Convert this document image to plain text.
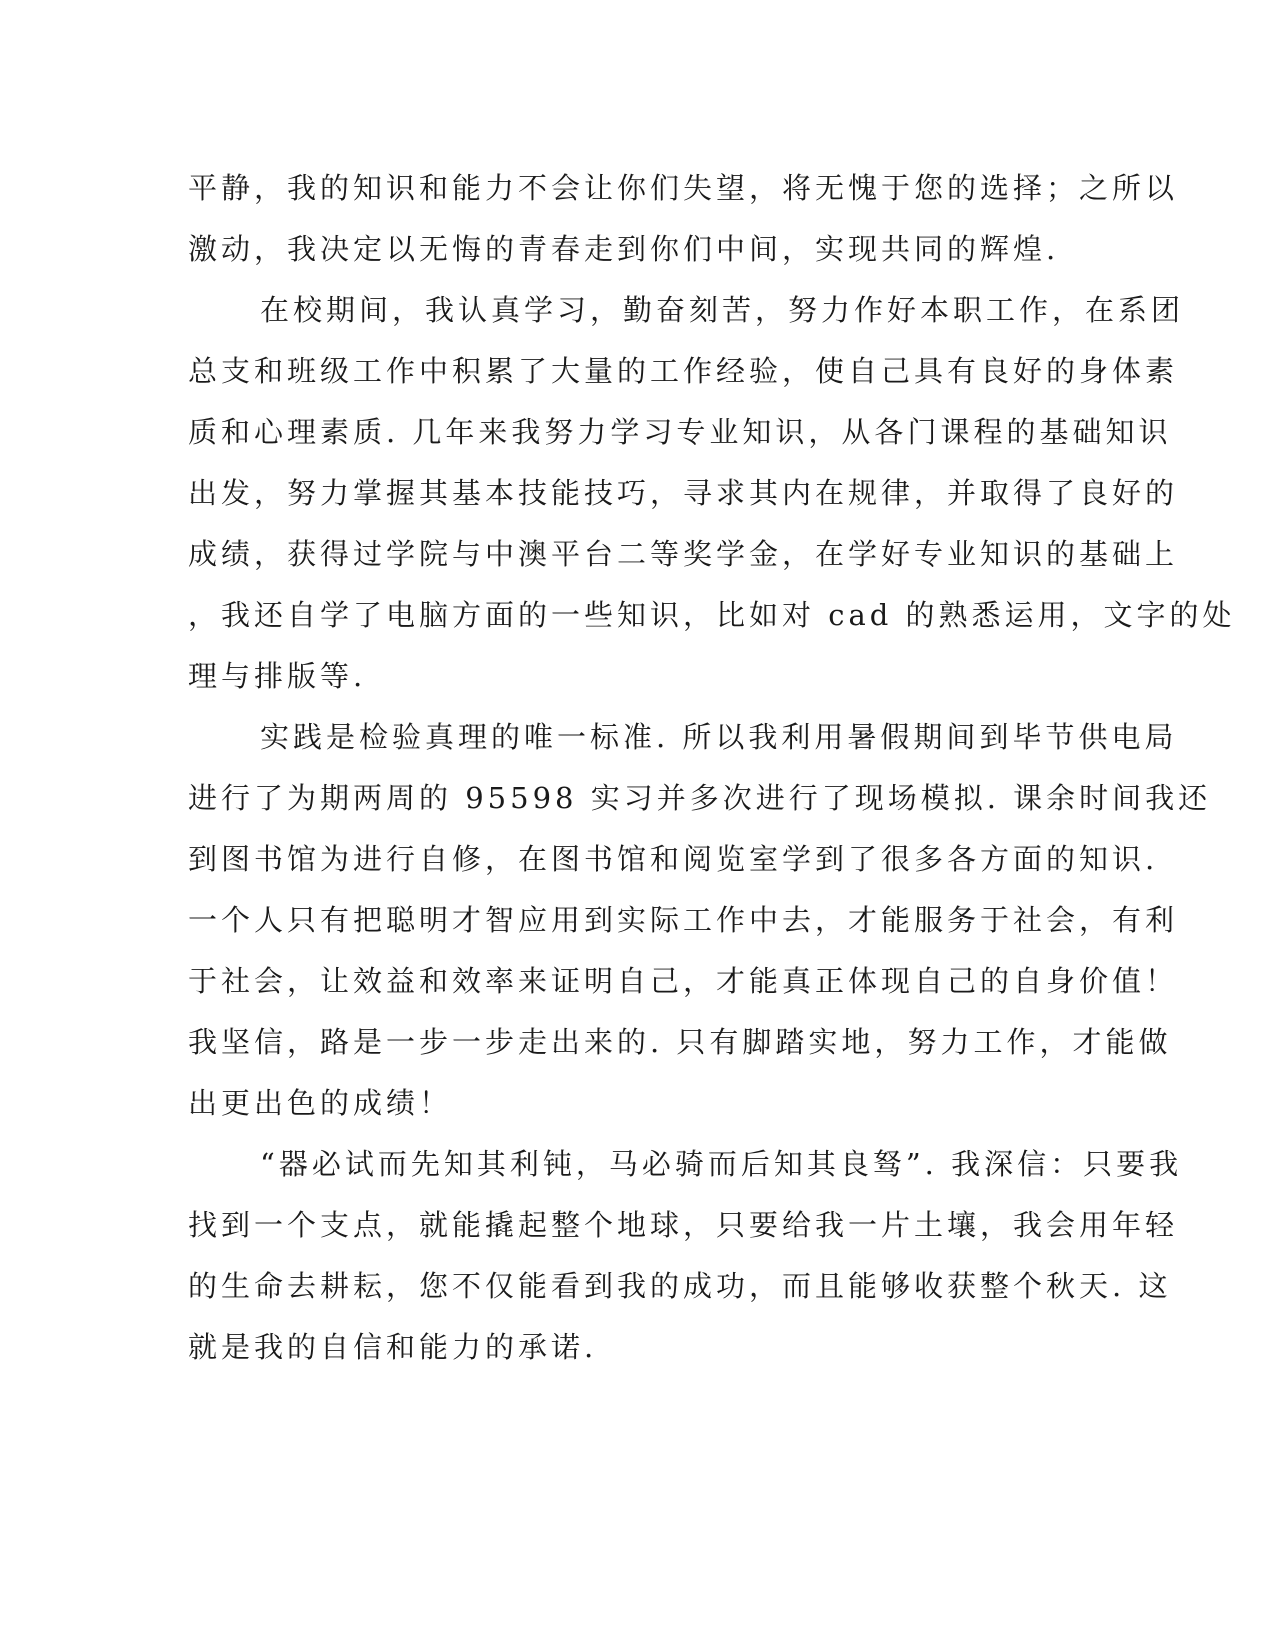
平静，我的知识和能力不会让你们失望，将无愧于您的选择；之所以
激动，我决定以无悔的青春走到你们中间，实现共同的辉煌.
在校期间，我认真学习，勤奋刻苦，努力作好本职工作，在系团
总支和班级工作中积累了大量的工作经验，使自己具有良好的身体素
质和心理素质. 几年来我努力学习专业知识，从各门课程的基础知识
出发，努力掌握其基本技能技巧，寻求其内在规律，并取得了良好的
成绩，获得过学院与中澳平台二等奖学金，在学好专业知识的基础上
，我还自学了电脑方面的一些知识，比如对 cad 的熟悉运用，文字的处
理与排版等.
实践是检验真理的唯一标准. 所以我利用暑假期间到毕节供电局
进行了为期两周的 95598 实习并多次进行了现场模拟. 课余时间我还
到图书馆为进行自修，在图书馆和阅览室学到了很多各方面的知识.
一个人只有把聪明才智应用到实际工作中去，才能服务于社会，有利
于社会，让效益和效率来证明自己，才能真正体现自己的自身价值！
我坚信，路是一步一步走出来的. 只有脚踏实地，努力工作，才能做
出更出色的成绩！
“器必试而先知其利钝，马必骑而后知其良驽”. 我深信：只要我
找到一个支点，就能撬起整个地球，只要给我一片土壤，我会用年轻
的生命去耕耘，您不仅能看到我的成功，而且能够收获整个秋天. 这
就是我的自信和能力的承诺.
